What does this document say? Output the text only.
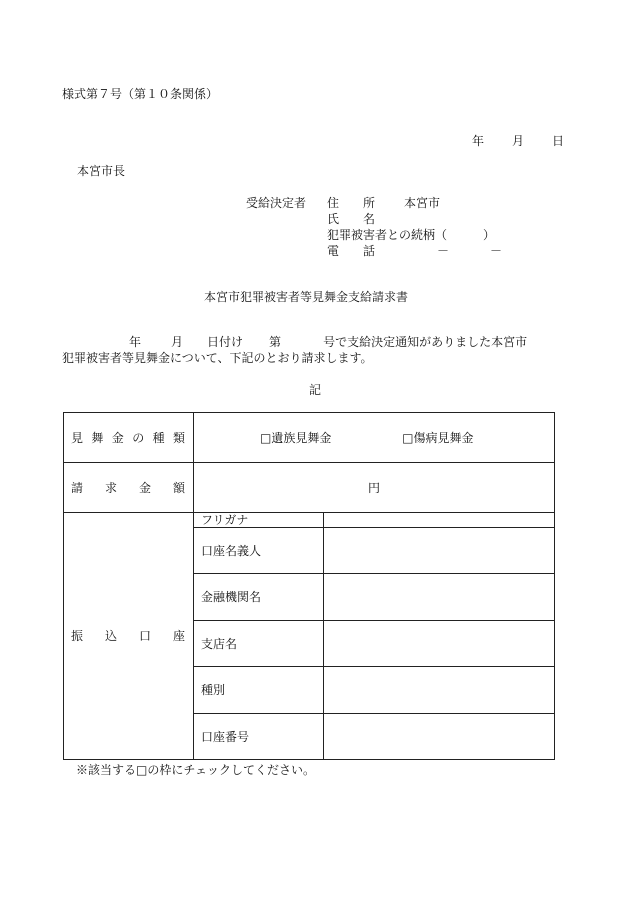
様式第７号（第１０条関係）
年 月 日
本宮市長
受給決定者 住　　所 本宮市
氏　　名
犯罪被害者との続柄（　　　）
電　　話	－	－
本宮市犯罪被害者等見舞金支給請求書
年	月 日付け 第	号で支給決定通知がありました本宮市
犯罪被害者等見舞金について、下記のとおり請求します。
記
見舞金の種類	□遺族見舞金 □傷病見舞金	
請求金額	円	
振込口座	フリガナ	
	口座名義人	
	金融機関名	
	支店名	
	種別	
	口座番号	
※該当する□の枠にチェックしてください。
